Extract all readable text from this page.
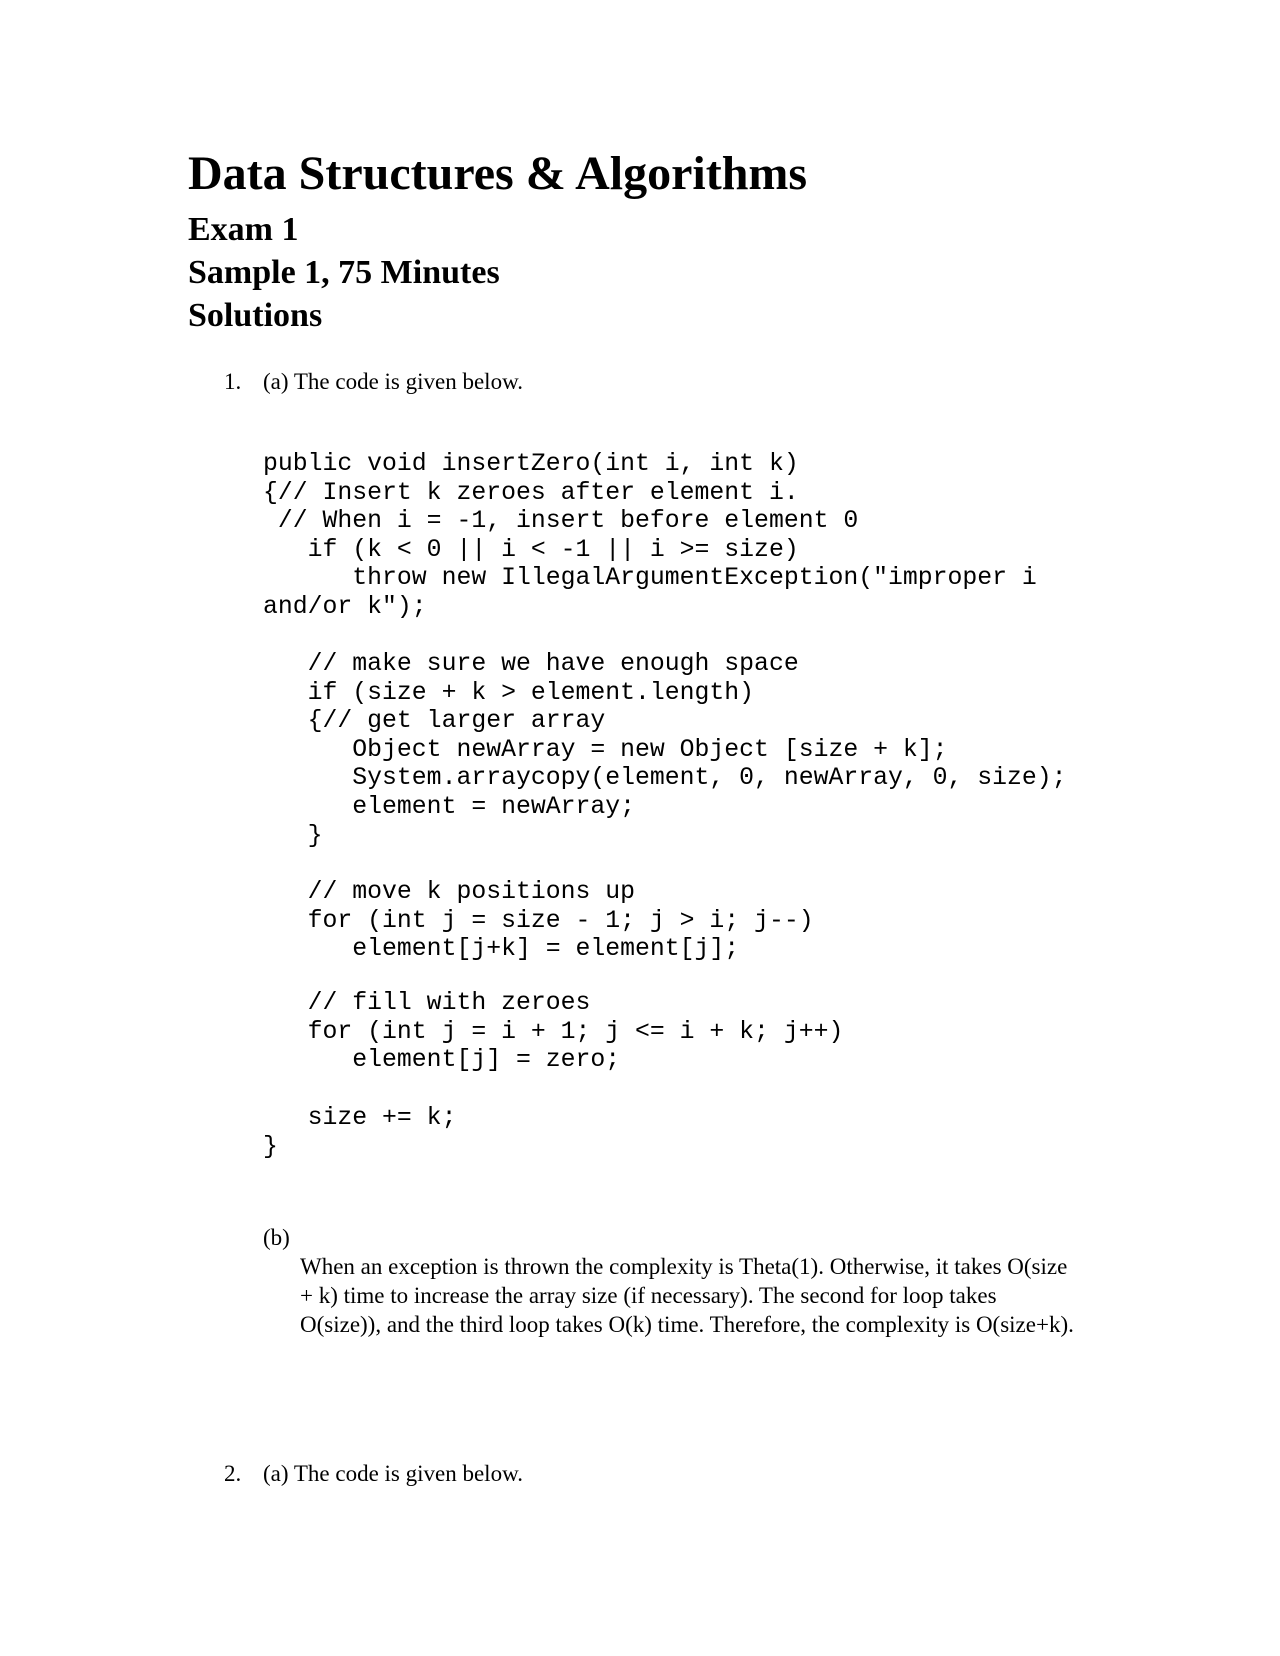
Data Structures & Algorithms
Exam 1
Sample 1, 75 Minutes
Solutions
1. (a) The code is given below.
public void insertZero(int i, int k)
{// Insert k zeroes after element i.
// When i = -1, insert before element 0
if (k < 0 || i < -1 || i >= size)
throw new IllegalArgumentException("improper i
and/or k");
// make sure we have enough space
if (size + k > element.length)
{// get larger array
Object newArray = new Object [size + k];
System.arraycopy(element, 0, newArray, 0, size);
element = newArray;
}
// move k positions up
for (int j = size - 1; j > i; j--)
element[j+k] = element[j];
// fill with zeroes
for (int j = i + 1; j <= i + k; j++)
element[j] = zero;
size += k;
}
(b)

When an exception is thrown the complexity is Theta(1). Otherwise, it takes O(size + k) time to increase the array size (if necessary). The second for loop takes O(size)), and the third loop takes O(k) time. Therefore, the complexity is O(size+k).

2. (a) The code is given below.
